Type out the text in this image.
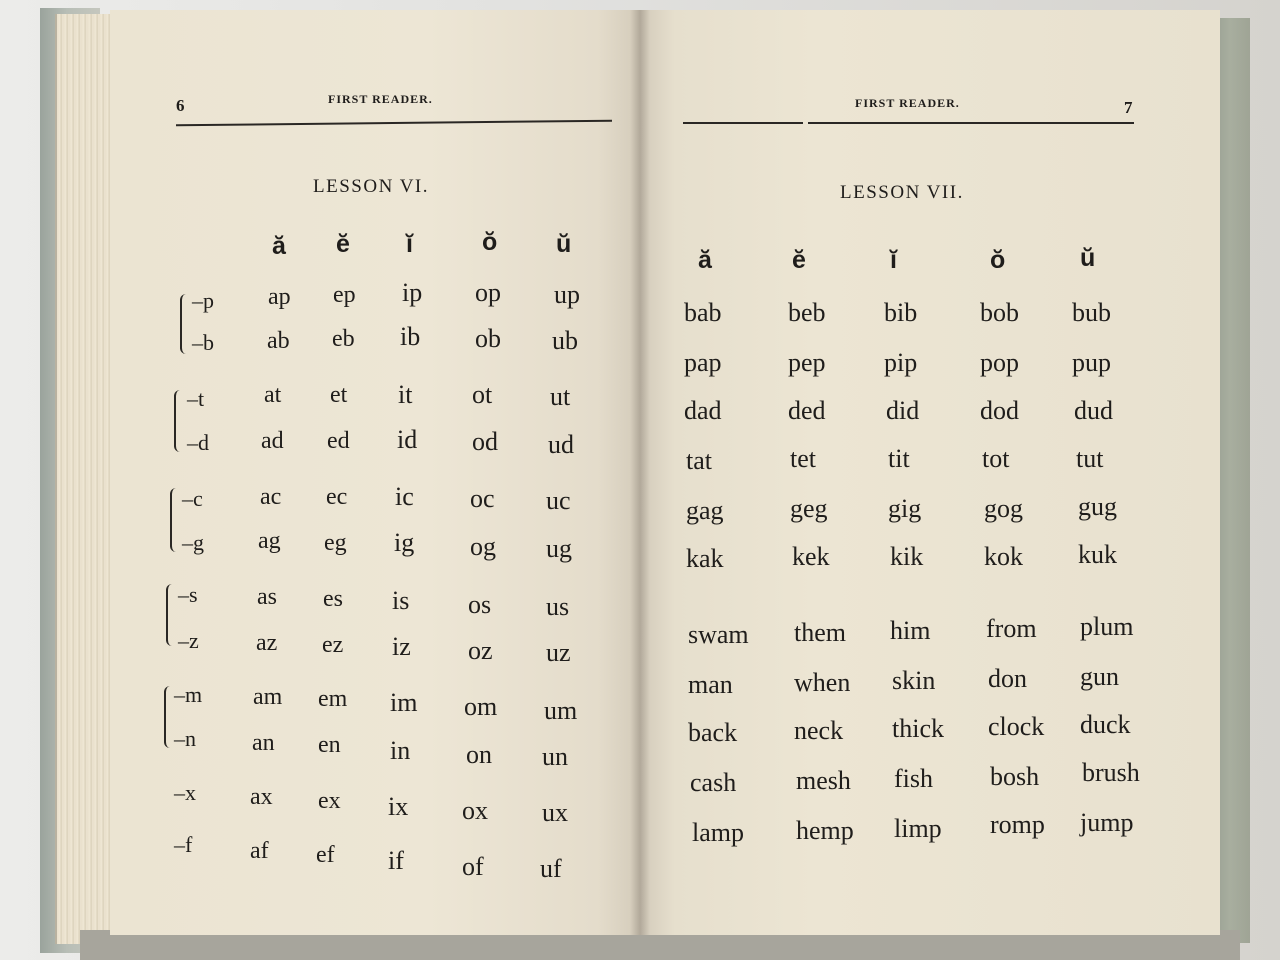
6	FIRST READER.
LESSON VI.
ă ĕ ĭ	ŏ ŭ
–p ap ep ip op up
–b ab eb ib ob ub
–t at et it ot ut
–d ad ed id od ud
–c ac ec ic oc uc
–g ag eg ig og ug
–s as es is os us
–z az ez iz oz uz
–m am em im om um
–n an en in on un
–x ax ex ix ox ux
–f af ef if of uf
FIRST READER.	7
LESSON VII.
ă	ĕ	ĭ	ŏ	ŭ
bab	beb bib bob bub
pap	pep pip pop pup
dad	ded did dod dud
tat	tet	tit	tot	tut
gag	geg gig gog gug
kak	kek kik kok kuk
swam them him from plum
man when skin don gun
back neck thick clock duck
cash mesh fish bosh brush
lamp hemp limp romp jump
